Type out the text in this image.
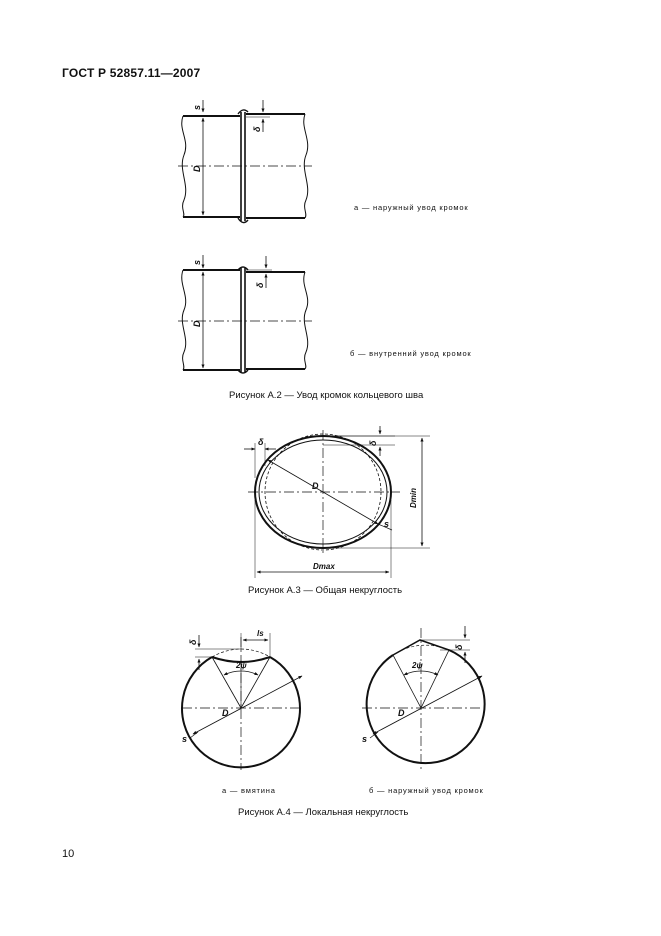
ГОСТ Р 52857.11—2007
s
δ
D
s
δ
D
а — наружный увод кромок
б — внутренний увод кромок
Рисунок А.2 — Увод кромок кольцевого шва
δ	δ
D
s
Dmin
Dmax
Рисунок А.3 — Общая некруглость
δ
ls
2ψ
D
s
δ
2ψ
D
s
а — вмятина	б — наружный увод кромок
Рисунок А.4 — Локальная некруглость
10
